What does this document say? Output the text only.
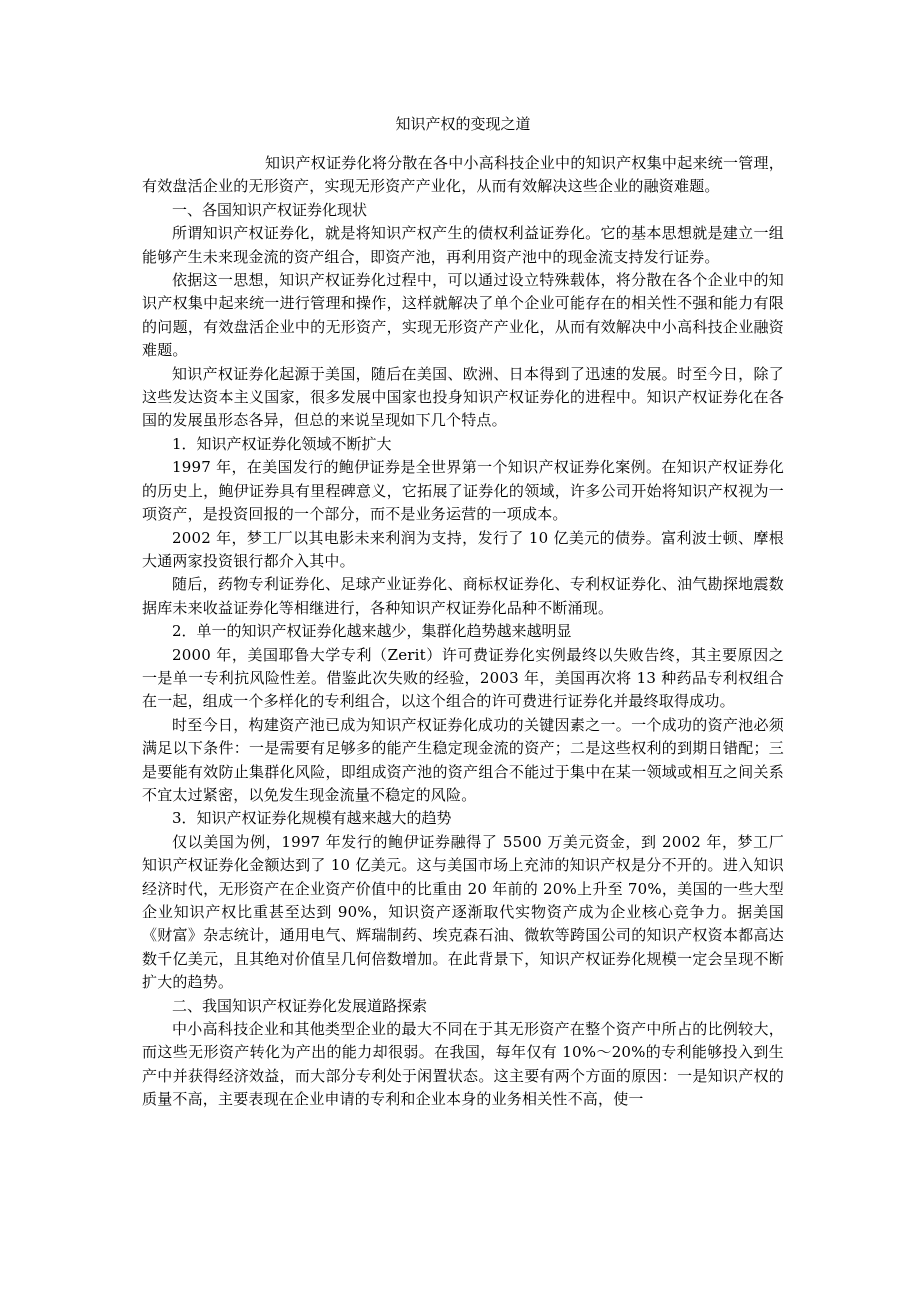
知识产权的变现之道

知识产权证券化将分散在各中小高科技企业中的知识产权集中起来统一管理，有效盘活企业的无形资产，实现无形资产产业化，从而有效解决这些企业的融资难题。

一、各国知识产权证券化现状

所谓知识产权证券化，就是将知识产权产生的债权利益证券化。它的基本思想就是建立一组能够产生未来现金流的资产组合，即资产池，再利用资产池中的现金流支持发行证券。

依据这一思想，知识产权证券化过程中，可以通过设立特殊载体，将分散在各个企业中的知识产权集中起来统一进行管理和操作，这样就解决了单个企业可能存在的相关性不强和能力有限的问题，有效盘活企业中的无形资产，实现无形资产产业化，从而有效解决中小高科技企业融资难题。

知识产权证券化起源于美国，随后在美国、欧洲、日本得到了迅速的发展。时至今日，除了这些发达资本主义国家，很多发展中国家也投身知识产权证券化的进程中。知识产权证券化在各国的发展虽形态各异，但总的来说呈现如下几个特点。

1．知识产权证券化领域不断扩大

1997 年，在美国发行的鲍伊证券是全世界第一个知识产权证券化案例。在知识产权证券化的历史上，鲍伊证券具有里程碑意义，它拓展了证券化的领域，许多公司开始将知识产权视为一项资产，是投资回报的一个部分，而不是业务运营的一项成本。

2002 年，梦工厂以其电影未来利润为支持，发行了 10 亿美元的债券。富利波士顿、摩根大通两家投资银行都介入其中。

随后，药物专利证券化、足球产业证券化、商标权证券化、专利权证券化、油气勘探地震数据库未来收益证券化等相继进行，各种知识产权证券化品种不断涌现。

2．单一的知识产权证券化越来越少，集群化趋势越来越明显

2000 年，美国耶鲁大学专利（Zerit）许可费证券化实例最终以失败告终，其主要原因之一是单一专利抗风险性差。借鉴此次失败的经验，2003 年，美国再次将 13 种药品专利权组合在一起，组成一个多样化的专利组合，以这个组合的许可费进行证券化并最终取得成功。

时至今日，构建资产池已成为知识产权证券化成功的关键因素之一。一个成功的资产池必须满足以下条件：一是需要有足够多的能产生稳定现金流的资产；二是这些权利的到期日错配；三是要能有效防止集群化风险，即组成资产池的资产组合不能过于集中在某一领域或相互之间关系不宜太过紧密，以免发生现金流量不稳定的风险。

3．知识产权证券化规模有越来越大的趋势

仅以美国为例，1997 年发行的鲍伊证券融得了 5500 万美元资金，到 2002 年，梦工厂知识产权证券化金额达到了 10 亿美元。这与美国市场上充沛的知识产权是分不开的。进入知识经济时代，无形资产在企业资产价值中的比重由 20 年前的 20%上升至 70%，美国的一些大型企业知识产权比重甚至达到 90%，知识资产逐渐取代实物资产成为企业核心竞争力。据美国《财富》杂志统计，通用电气、辉瑞制药、埃克森石油、微软等跨国公司的知识产权资本都高达数千亿美元，且其绝对价值呈几何倍数增加。在此背景下，知识产权证券化规模一定会呈现不断扩大的趋势。

二、我国知识产权证券化发展道路探索

中小高科技企业和其他类型企业的最大不同在于其无形资产在整个资产中所占的比例较大，而这些无形资产转化为产出的能力却很弱。在我国，每年仅有 10%～20%的专利能够投入到生产中并获得经济效益，而大部分专利处于闲置状态。这主要有两个方面的原因：一是知识产权的质量不高，主要表现在企业申请的专利和企业本身的业务相关性不高，使一
